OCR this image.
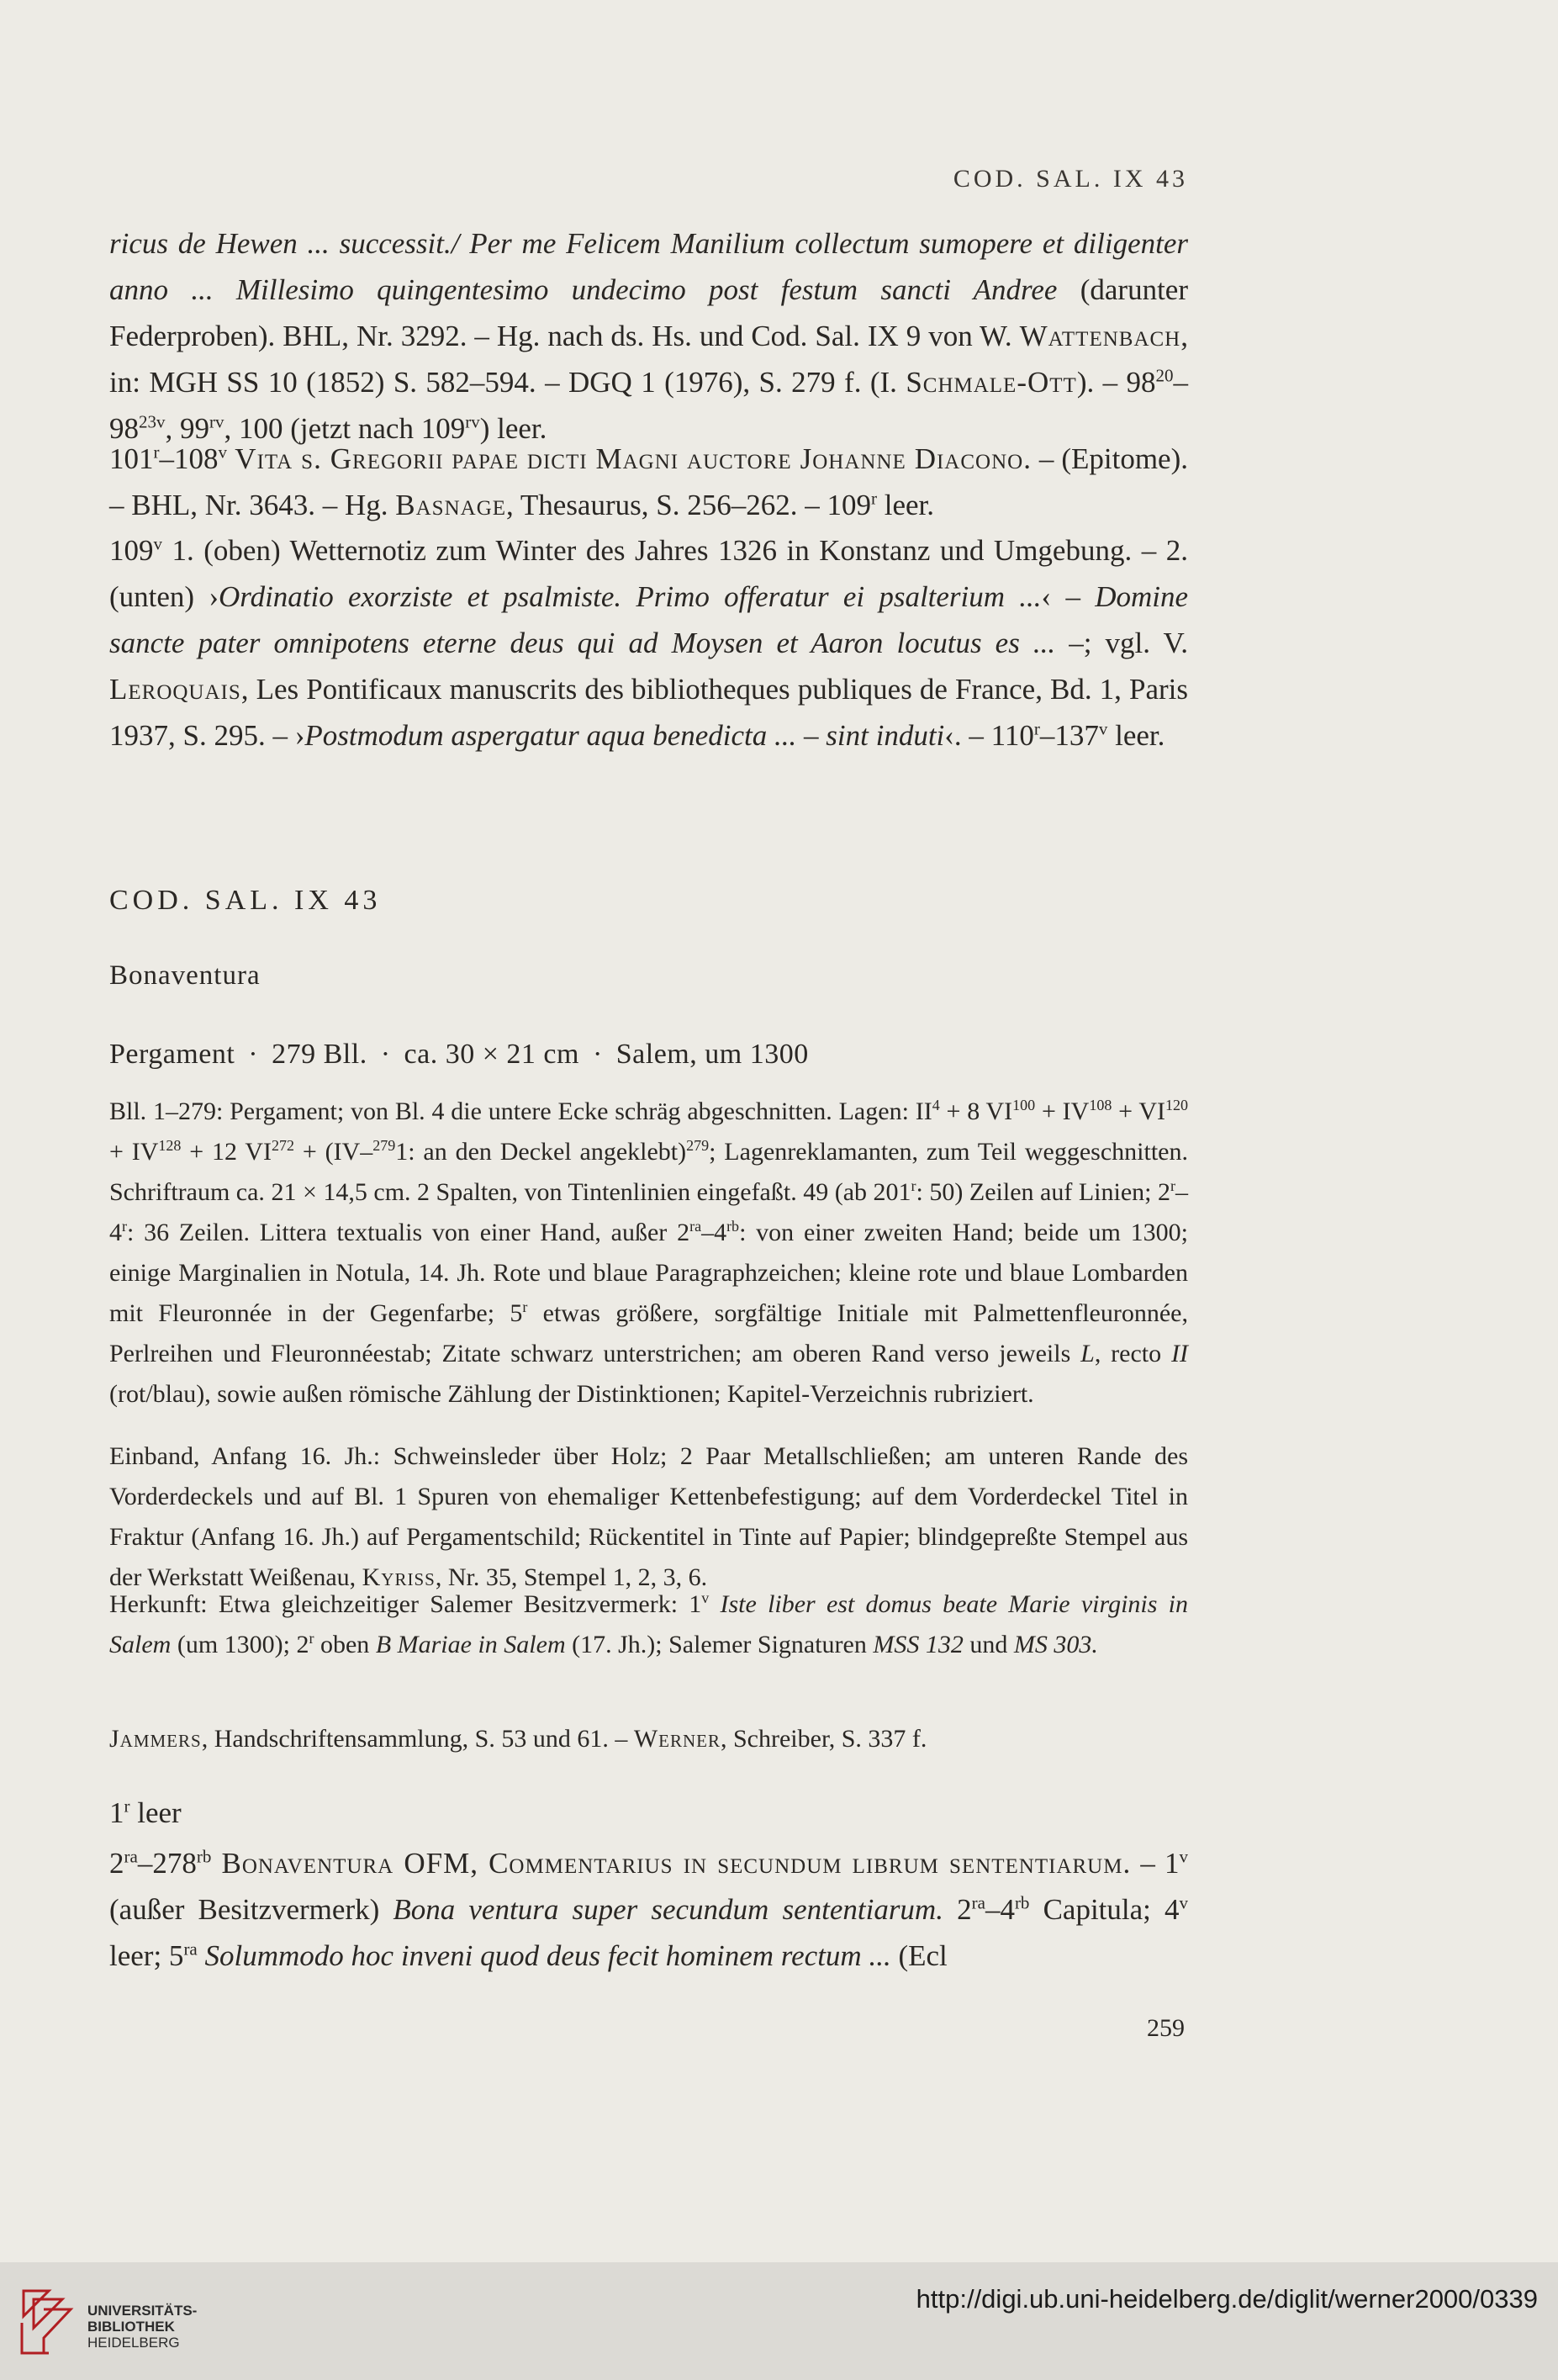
COD. SAL. IX 43

ricus de Hewen ... successit./ Per me Felicem Manilium collectum sumopere et diligenter anno ... Millesimo quingentesimo undecimo post festum sancti Andree (darunter Federproben). BHL, Nr. 3292. – Hg. nach ds. Hs. und Cod. Sal. IX 9 von W. Wattenbach, in: MGH SS 10 (1852) S. 582–594. – DGQ 1 (1976), S. 279 f. (I. Schmale-Ott). – $98^{20}-98^{23v}$, $99^{rv}$, 100 (jetzt nach $109^{rv}$) leer.

101$^r$–108$^v$ Vita s. Gregorii papae dicti Magni auctore Johanne Diacono. – (Epitome). – BHL, Nr. 3643. – Hg. Basnage, Thesaurus, S. 256–262. – 109$^r$ leer.

109$^v$ 1. (oben) Wetternotiz zum Winter des Jahres 1326 in Konstanz und Umgebung. – 2.(unten) ›Ordinatio exorziste et psalmiste. Primo offeratur ei psalterium ...‹ – Domine sancte pater omnipotens eterne deus qui ad Moysen et Aaron locutus es ... –; vgl. V. Leroquais, Les Pontificaux manuscrits des bibliotheques publiques de France, Bd. 1, Paris 1937, S. 295. – ›Postmodum aspergatur aqua benedicta ... – sint induti‹. – 110$^r$–137$^v$ leer.

COD. SAL. IX 43
Bonaventura
Pergament · 279 Bll. · ca. 30 × 21 cm · Salem, um 1300

Bll. 1–279: Pergament; von Bl. 4 die untere Ecke schräg abgeschnitten. Lagen: $II^4 + 8$ $VI^{100} + IV^{108} + VI^{120} + IV^{128} + 12$ $VI^{272} + (IV-^{279}1$: an den Deckel angeklebt)$^{279}$; Lagenreklamanten, zum Teil weggeschnitten. Schriftraum ca. 21 × 14,5 cm. 2 Spalten, von Tintenlinien eingefaßt. 49 (ab 201$^r$: 50) Zeilen auf Linien; 2$^r$–4$^r$: 36 Zeilen. Littera textualis von einer Hand, außer $2^{ra}-4^{rb}$: von einer zweiten Hand; beide um 1300; einige Marginalien in Notula, 14. Jh. Rote und blaue Paragraphzeichen; kleine rote und blaue Lombarden mit Fleuronnée in der Gegenfarbe; 5$^r$ etwas größere, sorgfältige Initiale mit Palmettenfleuronnée, Perlreihen und Fleuronnéestab; Zitate schwarz unterstrichen; am oberen Rand verso jeweils L, recto II (rot/blau), sowie außen römische Zählung der Distinktionen; Kapitel-Verzeichnis rubriziert.

Einband, Anfang 16. Jh.: Schweinsleder über Holz; 2 Paar Metallschließen; am unteren Rande des Vorderdeckels und auf Bl. 1 Spuren von ehemaliger Kettenbefestigung; auf dem Vorderdeckel Titel in Fraktur (Anfang 16. Jh.) auf Pergamentschild; Rückentitel in Tinte auf Papier; blindgepreßte Stempel aus der Werkstatt Weißenau, Kyriss, Nr. 35, Stempel 1, 2, 3, 6.

Herkunft: Etwa gleichzeitiger Salemer Besitzvermerk: 1$^v$ Iste liber est domus beate Marie virginis in Salem (um 1300); 2$^r$ oben B Mariae in Salem (17. Jh.); Salemer Signaturen MSS 132 und MS 303.

Jammers, Handschriftensammlung, S. 53 und 61. – Werner, Schreiber, S. 337 f.

1$^r$ leer

$2^{ra}-278^{rb}$ Bonaventura OFM, Commentarius in secundum librum sententiarum. – 1$^v$ (außer Besitzvermerk) Bona ventura super secundum sententiarum. $2^{ra}-4^{rb}$ Capitula; 4$^v$ leer; $5^{ra}$ Solummodo hoc inveni quod deus fecit hominem rectum ... (Ecl

259
UNIVERSITÄTS-
BIBLIOTHEK
HEIDELBERG
http://digi.ub.uni-heidelberg.de/diglit/werner2000/0339
